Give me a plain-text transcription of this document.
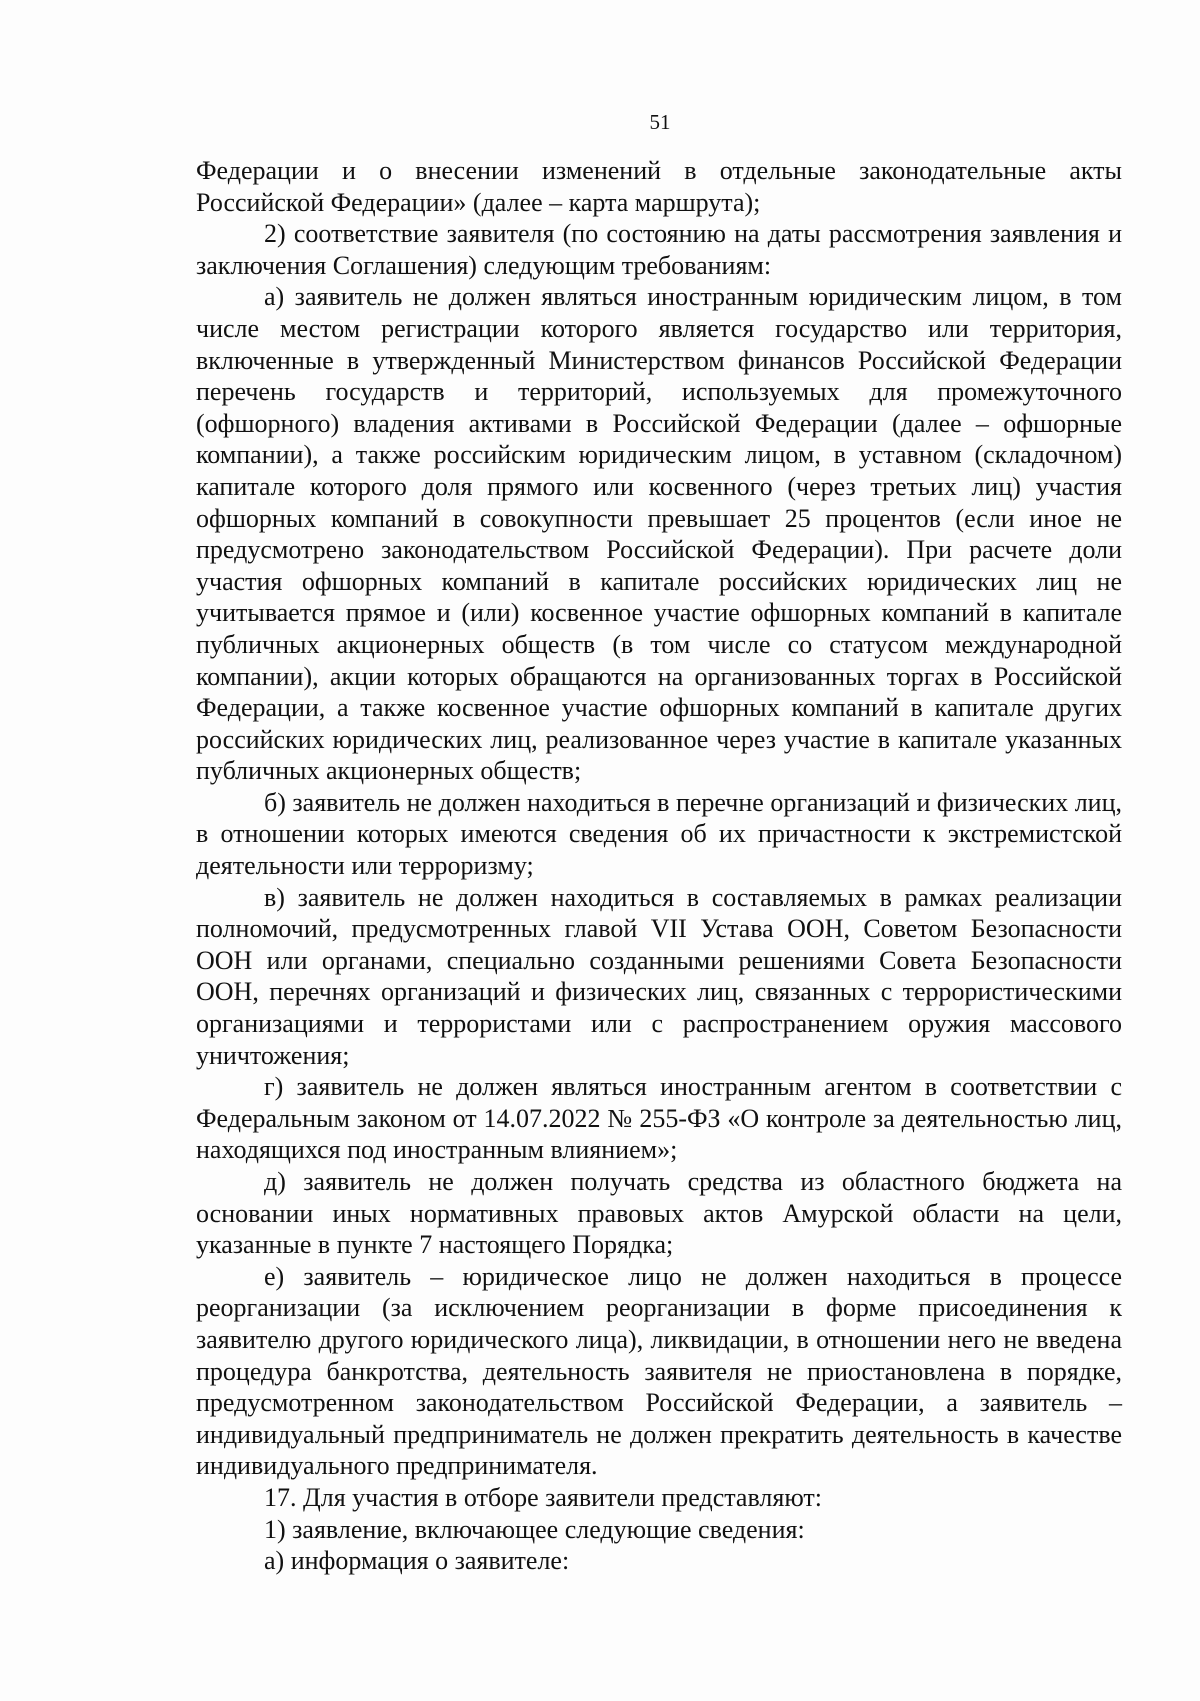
51

Федерации и о внесении изменений в отдельные законодательные акты Российской Федерации» (далее – карта маршрута);

2) соответствие заявителя (по состоянию на даты рассмотрения заявления и заключения Соглашения) следующим требованиям:

а) заявитель не должен являться иностранным юридическим лицом, в том числе местом регистрации которого является государство или территория, включенные в утвержденный Министерством финансов Российской Федерации перечень государств и территорий, используемых для промежуточного (офшорного) владения активами в Российской Федерации (далее – офшорные компании), а также российским юридическим лицом, в уставном (складочном) капитале которого доля прямого или косвенного (через третьих лиц) участия офшорных компаний в совокупности превышает 25 процентов (если иное не предусмотрено законодательством Российской Федерации). При расчете доли участия офшорных компаний в капитале российских юридических лиц не учитывается прямое и (или) косвенное участие офшорных компаний в капитале публичных акционерных обществ (в том числе со статусом международной компании), акции которых обращаются на организованных торгах в Российской Федерации, а также косвенное участие офшорных компаний в капитале других российских юридических лиц, реализованное через участие в капитале указанных публичных акционерных обществ;

б) заявитель не должен находиться в перечне организаций и физических лиц, в отношении которых имеются сведения об их причастности к экстремистской деятельности или терроризму;

в) заявитель не должен находиться в составляемых в рамках реализации полномочий, предусмотренных главой VII Устава ООН, Советом Безопасности ООН или органами, специально созданными решениями Совета Безопасности ООН, перечнях организаций и физических лиц, связанных с террористическими организациями и террористами или с распространением оружия массового уничтожения;

г) заявитель не должен являться иностранным агентом в соответствии с Федеральным законом от 14.07.2022 № 255-ФЗ «О контроле за деятельностью лиц, находящихся под иностранным влиянием»;

д) заявитель не должен получать средства из областного бюджета на основании иных нормативных правовых актов Амурской области на цели, указанные в пункте 7 настоящего Порядка;

е) заявитель – юридическое лицо не должен находиться в процессе реорганизации (за исключением реорганизации в форме присоединения к заявителю другого юридического лица), ликвидации, в отношении него не введена процедура банкротства, деятельность заявителя не приостановлена в порядке, предусмотренном законодательством Российской Федерации, а заявитель – индивидуальный предприниматель не должен прекратить деятельность в качестве индивидуального предпринимателя.

17. Для участия в отборе заявители представляют:

1) заявление, включающее следующие сведения:

а) информация о заявителе:
